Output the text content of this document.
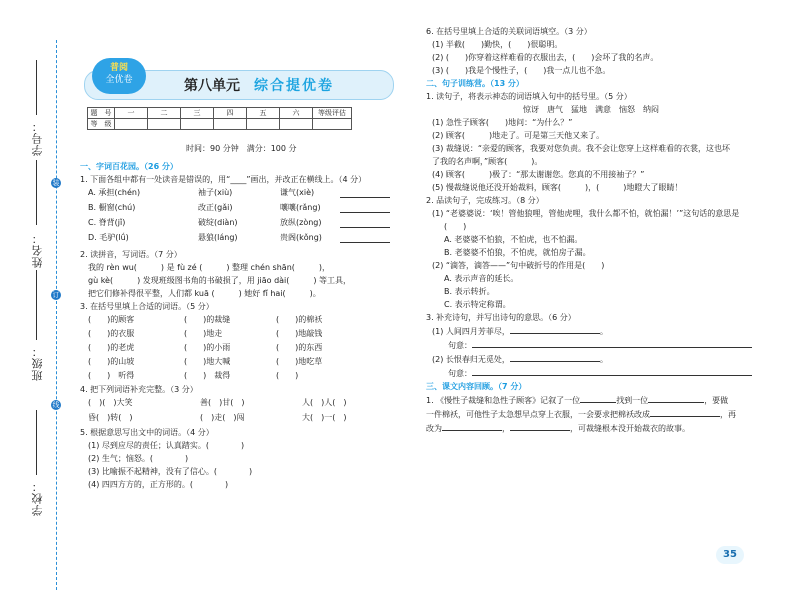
装
订
线
学号：
姓名：
班级：
学校：
普阅
全优卷	第八单元 综合提优卷
题　号	一	二	三	四	五	六	等级评估
等　级							
时间：90 分钟　满分：100 分
一、字词百花园。（26 分）
1. 下面各组中都有一处读音是错误的，用“____”画出，并改正在横线上。（4 分）
A. 承担(chén)	袖子(xiù)	谦气(xiè)
B. 橱窗(chú)	改正(gǎi)	嚷嚷(rǎng)
C. 脊背(jǐ)	破绽(diàn)	放纵(zòng)
D. 毛驴(lǘ)	悬狼(láng)	贵阁(kǒng)
2. 读拼音，写词语。（7 分）
我的 rèn wu(　　　) 是 fù zé (　　　) 整理 chén shān(　　　)，
gù kè(　　　) 发现班级图书角的书破损了，用 jiāo dài(　　　) 等工具，
把它们修补得很平整，人们都 kuā (　　　) 她好 fǐ hai(　　　)。
3. 在括号里填上合适的词语。（5 分）
(　　)的顾客	(　　)的裁缝	(　　)的棉袄
(　　)的衣服	(　　)地走	(　　)地敲钱
(　　)的老虎	(　　)的小雨	(　　)的东西
(　　)的山坡	(　　)地大喊	(　　)地吃草
(　　)　听得	(　　)　裁得	(　　)
4. 把下列词语补充完整。（3 分）
(　)(　)大笑	善(　)甘(　)	人(　)人(　)
昏(　)转(　)	(　)走(　)闯	大(　)一(　)
5. 根据意思写出文中的词语。（4 分）
(1) 尽到应尽的责任；认真踏实。(　　　　)
(2) 生气；恼怒。(　　　　)
(3) 比喻振不起精神，没有了信心。(　　　　)
(4) 四四方方的，正方形的。(　　　　)
6. 在括号里填上合适的关联词语填空。（3 分）
(1) 半截(　　)勤快，(　　)很聪明。
(2) (　　)你穿着这样难看的衣服出去，(　　)会坏了我的名声。
(3) (　　)我是个慢性子，(　　)我一点儿也不急。
二、句子训练营。（13 分）
1. 读句子，将表示神态的词语填入句中的括号里。（5 分）
惊讶　唐气　猛地　满意　恼怒　纳闷
(1) 急性子顾客(　　)地问：“为什么？”
(2) 顾客(　　　)地走了。可是第三天他又来了。
(3) 裁缝说：“亲爱的顾客，我要对您负责。我不会让您穿上这样难看的衣裳，这也坏
了我的名声啊，”顾客(　　　)。
(4) 顾客(　　　)极了：“那太谢谢您。您真的不用接袖子？”
(5) 慢裁缝说他还没开始裁料，顾客(　　　)，(　　　)地瞪大了眼睛！
2. 品读句子，完成练习。（8 分）
(1) “老婆婆说：‘唉！管他狼哩，管他虎哩，我什么都不怕，就怕漏！’”这句话的意思是
(　　)
A. 老婆婆不怕狼，不怕虎，也不怕漏。
B. 老婆婆不怕狼，不怕虎，就怕房子漏。
(2) “滴答，滴答——”句中破折号的作用是(　　)
A. 表示声音的延长。
B. 表示转折。
C. 表示特定称谓。
3. 补充诗句，并写出诗句的意思。（6 分）
(1) 人间四月芳菲尽，	。
句意：
(2) 长恨春归无觅处，	。
句意：
三、课文内容回顾。（7 分）
1. 《慢性子裁缝和急性子顾客》记叙了一位	找到一位	，要做
一件棉袄，可他性子太急想早点穿上衣服，一会要求把棉袄改成	，再
改为	，	，可裁缝根本没开始裁衣的故事。
35
